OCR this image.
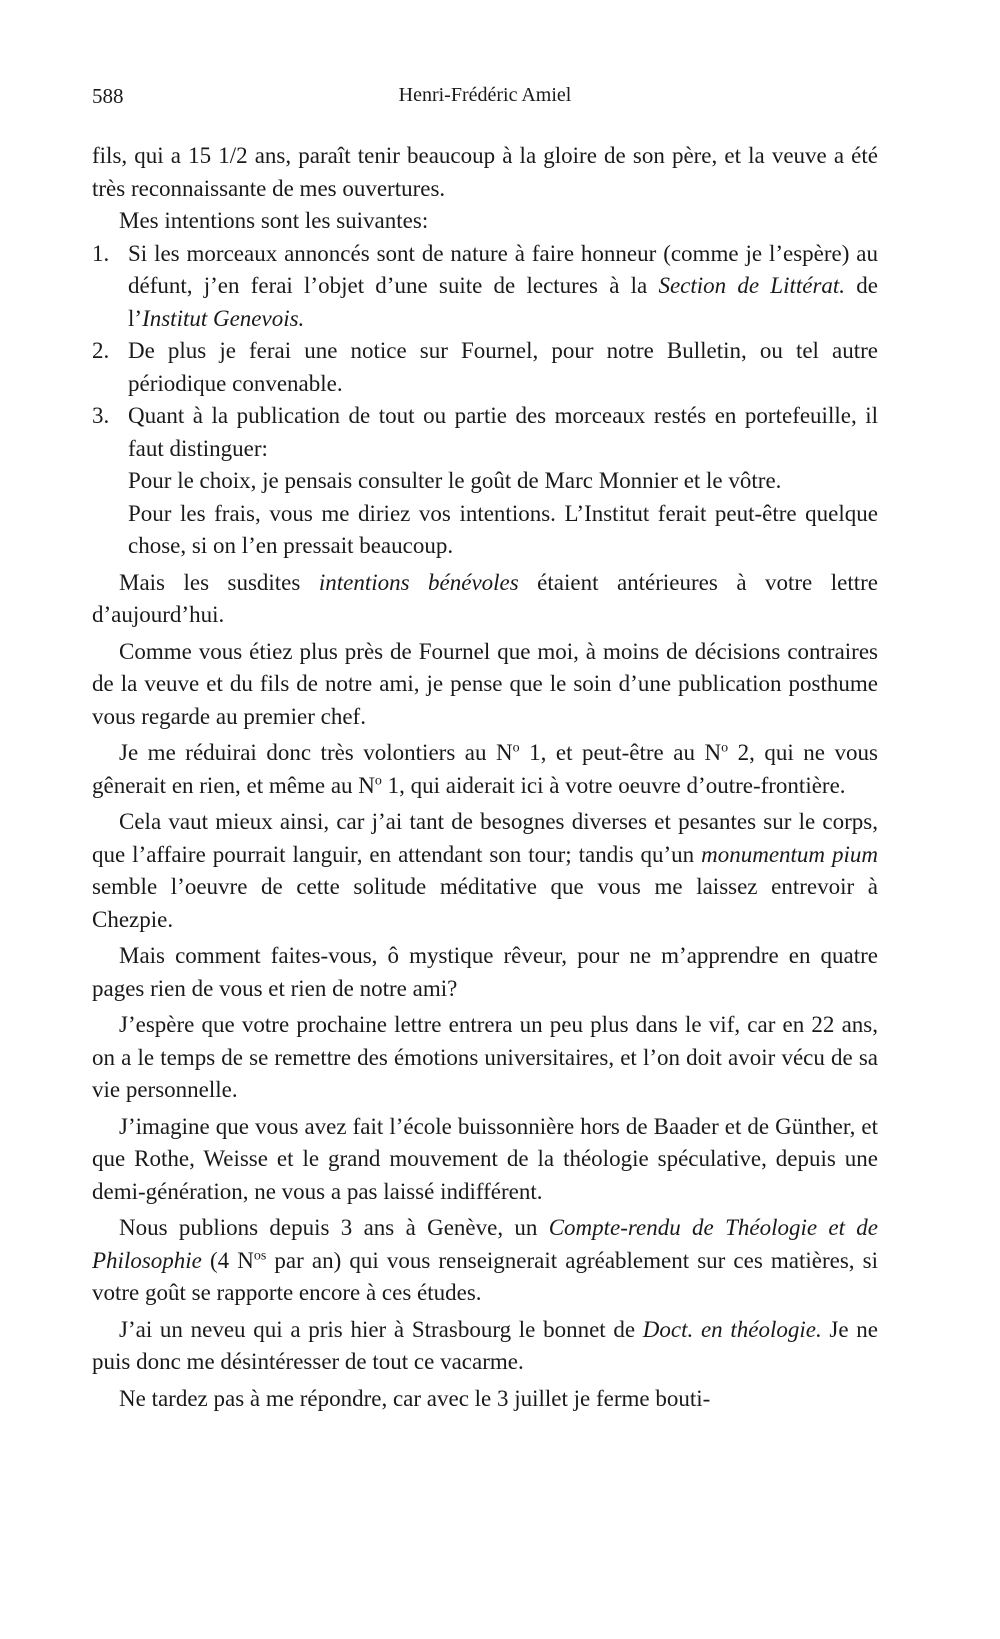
588	Henri-Frédéric Amiel

fils, qui a 15 1/2 ans, paraît tenir beaucoup à la gloire de son père, et la veuve a été très reconnaissante de mes ouvertures.

Mes intentions sont les suivantes:

1. Si les morceaux annoncés sont de nature à faire honneur (comme je l’espère) au défunt, j’en ferai l’objet d’une suite de lectures à la Section de Littérat. de l’Institut Genevois.

2. De plus je ferai une notice sur Fournel, pour notre Bulletin, ou tel autre périodique convenable.

3. Quant à la publication de tout ou partie des morceaux restés en portefeuille, il faut distinguer:

Pour le choix, je pensais consulter le goût de Marc Monnier et le vôtre.

Pour les frais, vous me diriez vos intentions. L’Institut ferait peut-être quelque chose, si on l’en pressait beaucoup.

Mais les susdites intentions bénévoles étaient antérieures à votre lettre d’aujourd’hui.

Comme vous étiez plus près de Fournel que moi, à moins de décisions contraires de la veuve et du fils de notre ami, je pense que le soin d’une publication posthume vous regarde au premier chef.

Je me réduirai donc très volontiers au $N^o$ 1, et peut-être au $N^o$ 2, qui ne vous gênerait en rien, et même au $N^o$ 1, qui aiderait ici à votre oeuvre d’outre-frontière.

Cela vaut mieux ainsi, car j’ai tant de besognes diverses et pesantes sur le corps, que l’affaire pourrait languir, en attendant son tour; tandis qu’un monumentum pium semble l’oeuvre de cette solitude méditative que vous me laissez entrevoir à Chezpie.

Mais comment faites-vous, ô mystique rêveur, pour ne m’apprendre en quatre pages rien de vous et rien de notre ami?

J’espère que votre prochaine lettre entrera un peu plus dans le vif, car en 22 ans, on a le temps de se remettre des émotions universitaires, et l’on doit avoir vécu de sa vie personnelle.

J’imagine que vous avez fait l’école buissonnière hors de Baader et de Günther, et que Rothe, Weisse et le grand mouvement de la théologie spéculative, depuis une demi-génération, ne vous a pas laissé indifférent.

Nous publions depuis 3 ans à Genève, un Compte-rendu de Théologie et de Philosophie (4 $N^{os}$ par an) qui vous renseignerait agréablement sur ces matières, si votre goût se rapporte encore à ces études.

J’ai un neveu qui a pris hier à Strasbourg le bonnet de Doct. en théologie. Je ne puis donc me désintéresser de tout ce vacarme.

Ne tardez pas à me répondre, car avec le 3 juillet je ferme bouti-
